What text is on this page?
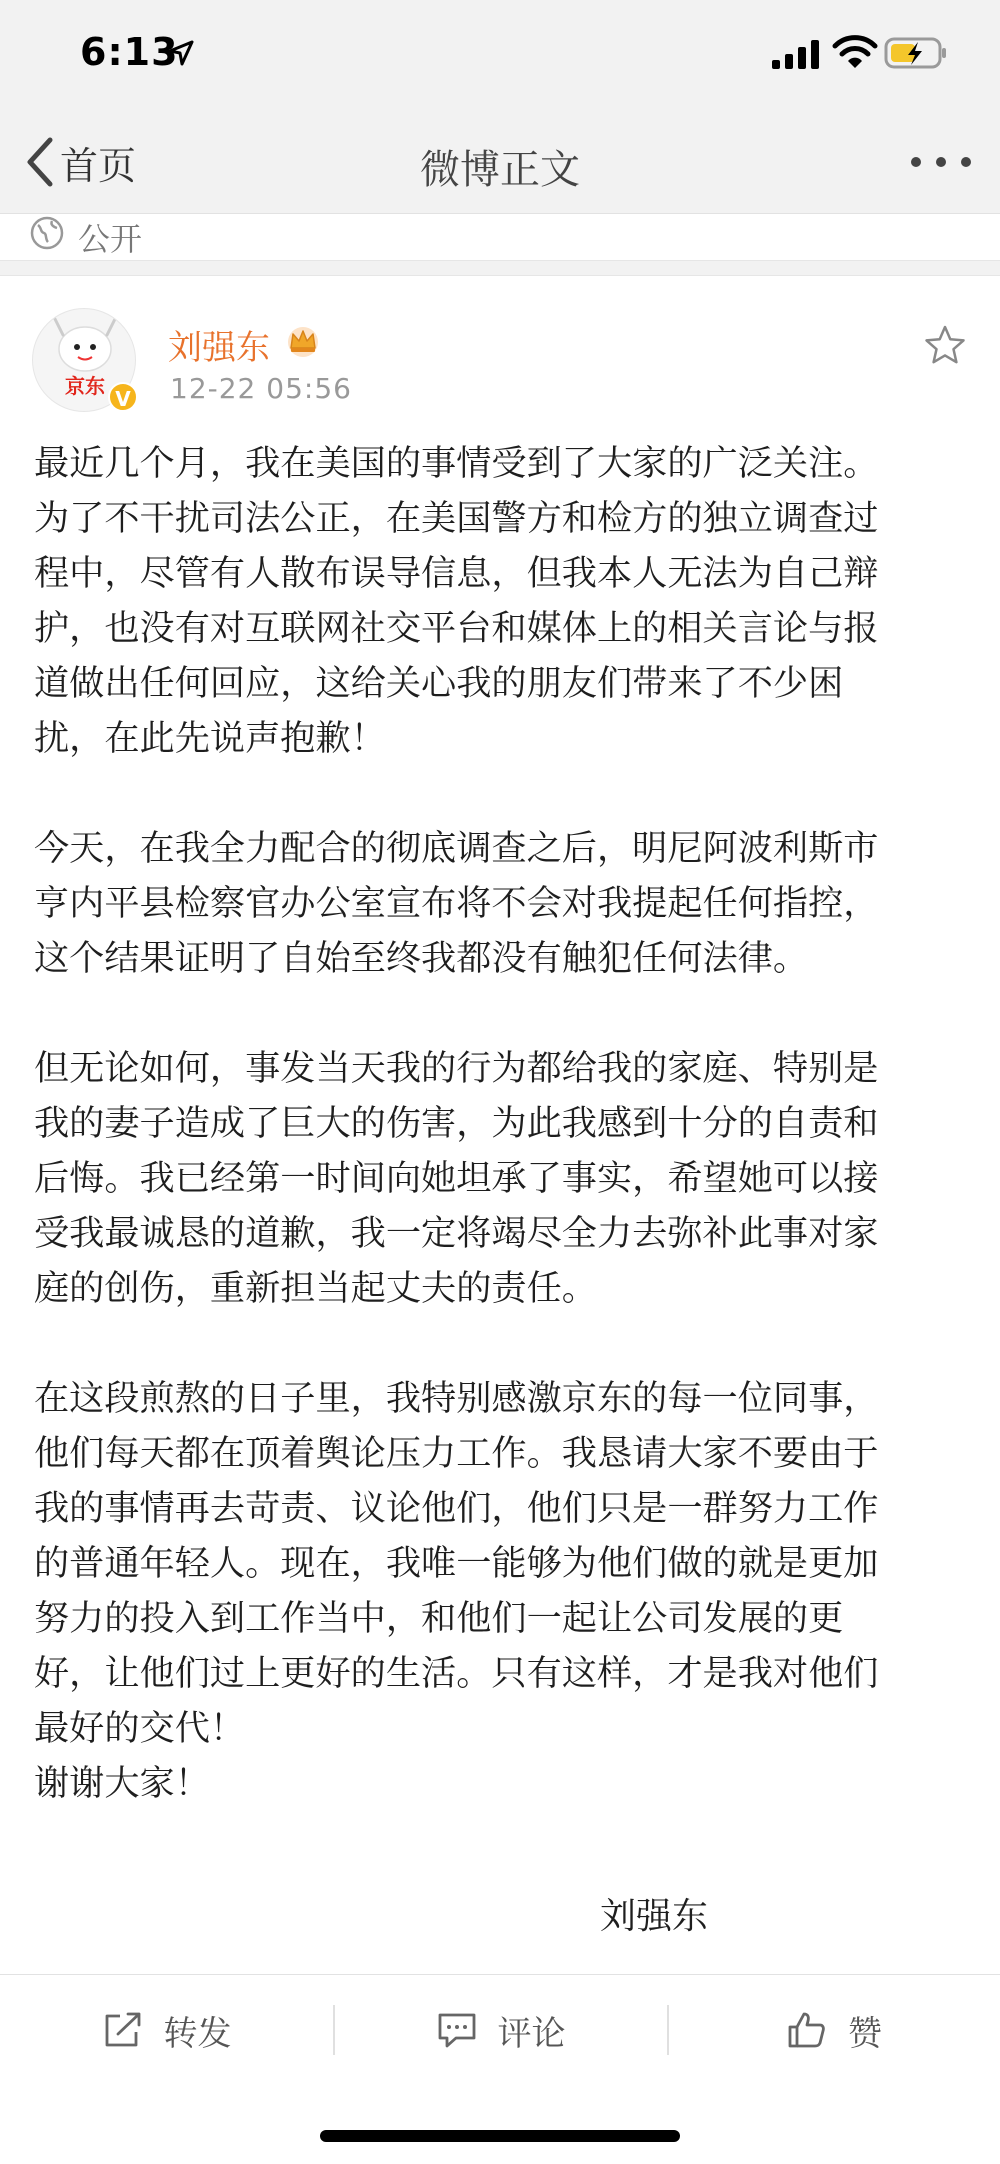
6:13
首页	微博正文
公开
京东
V
刘强东
12-22 05:56

最近几个月，我在美国的事情受到了大家的广泛关注。

为了不干扰司法公正，在美国警方和检方的独立调查过

程中，尽管有人散布误导信息，但我本人无法为自己辩

护，也没有对互联网社交平台和媒体上的相关言论与报

道做出任何回应，这给关心我的朋友们带来了不少困

扰，在此先说声抱歉！

今天，在我全力配合的彻底调查之后，明尼阿波利斯市

亨内平县检察官办公室宣布将不会对我提起任何指控，

这个结果证明了自始至终我都没有触犯任何法律。

但无论如何，事发当天我的行为都给我的家庭、特别是

我的妻子造成了巨大的伤害，为此我感到十分的自责和

后悔。我已经第一时间向她坦承了事实，希望她可以接

受我最诚恳的道歉，我一定将竭尽全力去弥补此事对家

庭的创伤，重新担当起丈夫的责任。

在这段煎熬的日子里，我特别感激京东的每一位同事，

他们每天都在顶着舆论压力工作。我恳请大家不要由于

我的事情再去苛责、议论他们，他们只是一群努力工作

的普通年轻人。现在，我唯一能够为他们做的就是更加

努力的投入到工作当中，和他们一起让公司发展的更

好，让他们过上更好的生活。只有这样，才是我对他们

最好的交代！

谢谢大家！

刘强东
转发	评论	赞
